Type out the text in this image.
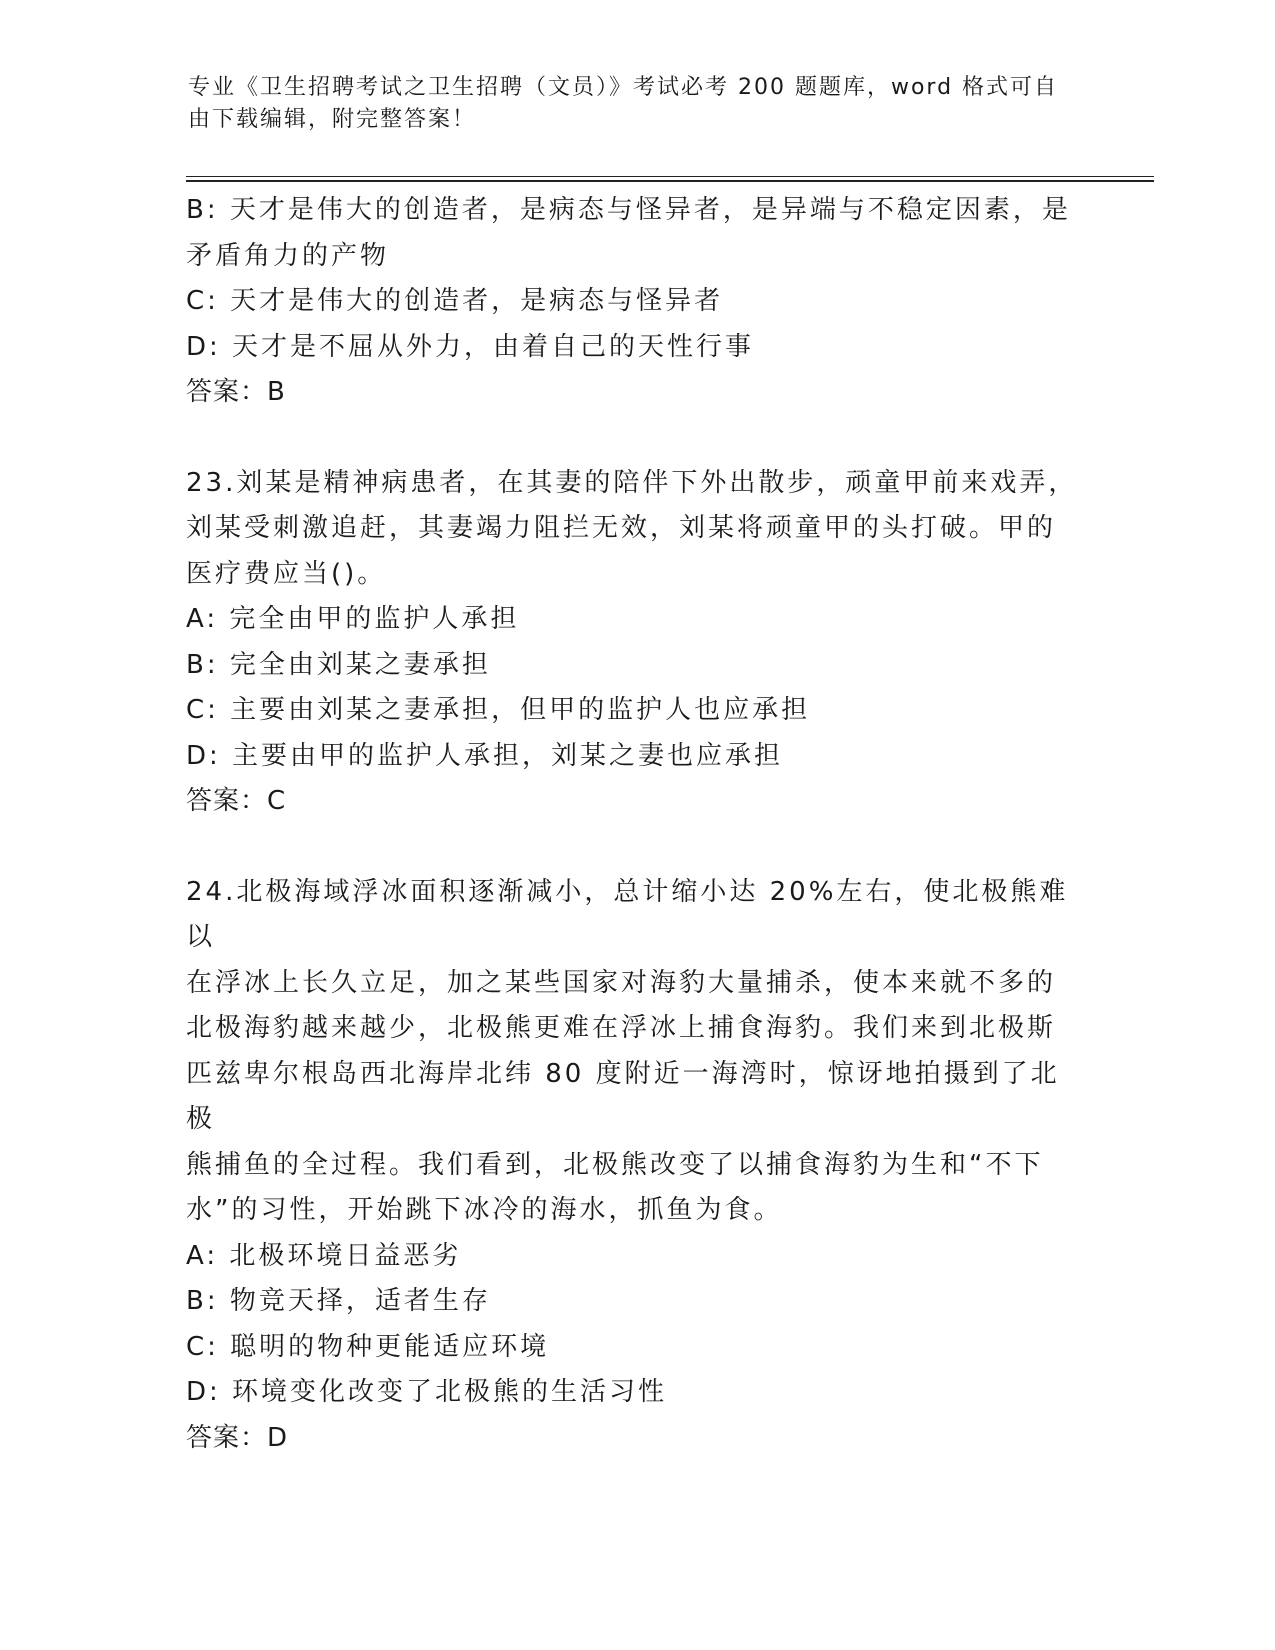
专业《卫生招聘考试之卫生招聘（文员）》考试必考 200 题题库，word 格式可自
由下载编辑，附完整答案！
B: 天才是伟大的创造者，是病态与怪异者，是异端与不稳定因素，是
矛盾角力的产物
C: 天才是伟大的创造者，是病态与怪异者
D: 天才是不屈从外力，由着自己的天性行事
答案：B
23.刘某是精神病患者，在其妻的陪伴下外出散步，顽童甲前来戏弄，
刘某受刺激追赶，其妻竭力阻拦无效，刘某将顽童甲的头打破。甲的
医疗费应当()。
A: 完全由甲的监护人承担
B: 完全由刘某之妻承担
C: 主要由刘某之妻承担，但甲的监护人也应承担
D: 主要由甲的监护人承担，刘某之妻也应承担
答案：C
24.北极海域浮冰面积逐渐减小，总计缩小达 20%左右，使北极熊难以
在浮冰上长久立足，加之某些国家对海豹大量捕杀，使本来就不多的
北极海豹越来越少，北极熊更难在浮冰上捕食海豹。我们来到北极斯
匹兹卑尔根岛西北海岸北纬 80 度附近一海湾时，惊讶地拍摄到了北极
熊捕鱼的全过程。我们看到，北极熊改变了以捕食海豹为生和“不下
水”的习性，开始跳下冰冷的海水，抓鱼为食。
A: 北极环境日益恶劣
B: 物竞天择，适者生存
C: 聪明的物种更能适应环境
D: 环境变化改变了北极熊的生活习性
答案：D
